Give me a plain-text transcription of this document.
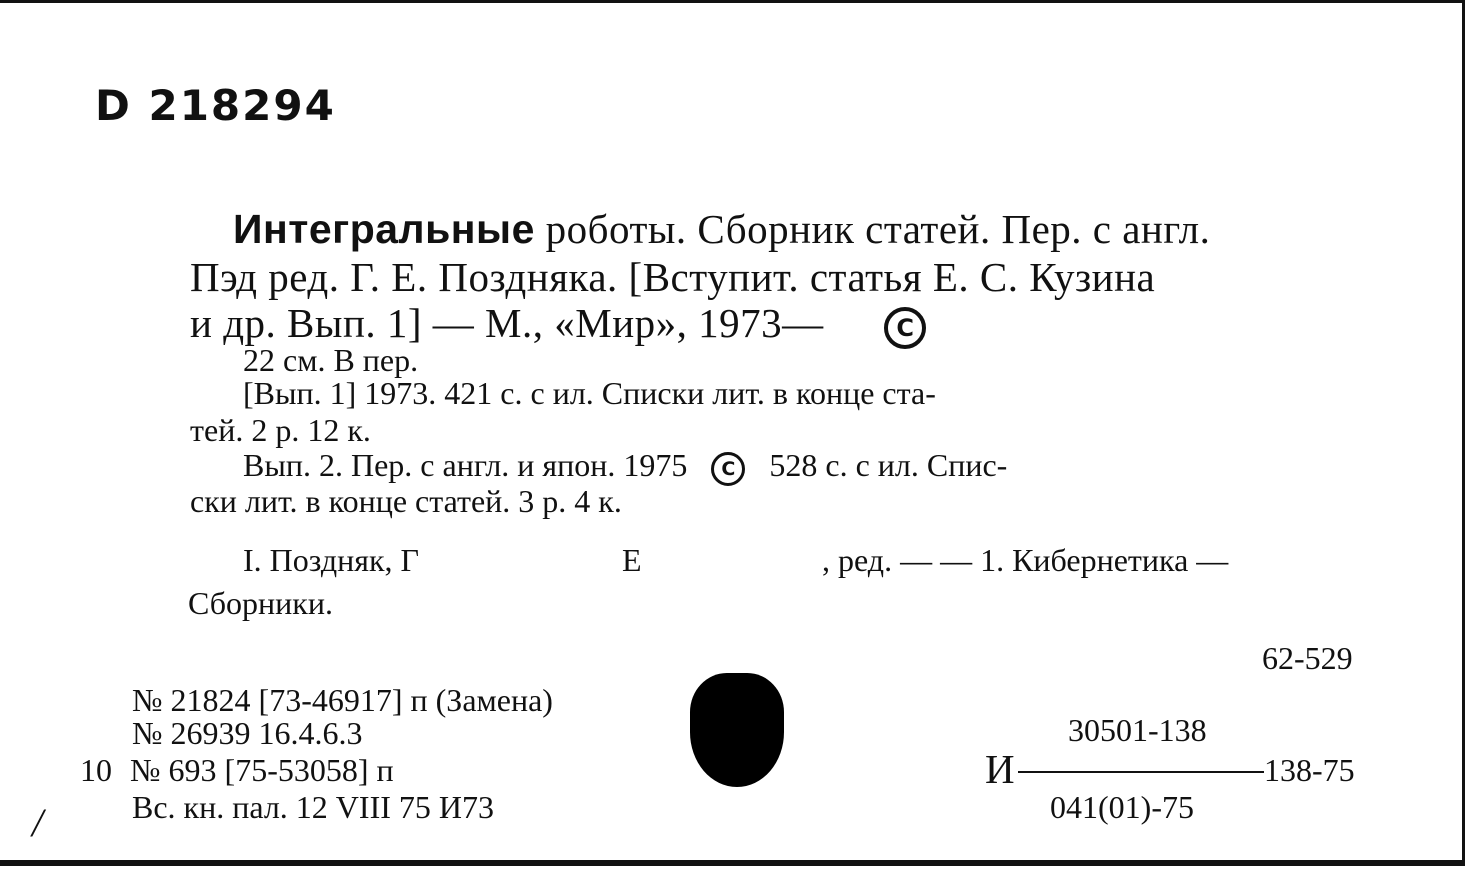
D 218294
Интегральные роботы. Сборник статей. Пер. с англ.
Пэд ред. Г. Е. Поздняка. [Вступит. статья Е. С. Кузина
и др. Вып. 1] — М., «Мир», 1973—	C
22 см. В пер.
[Вып. 1] 1973. 421 с. с ил. Списки лит. в конце ста-
тей. 2 р. 12 к.
Вып. 2. Пер. с англ. и япон. 1975 C 528 с. с ил. Спис-
ски лит. в конце статей. 3 р. 4 к.
I. Поздняк, Г	Е	, ред. — — 1. Кибернетика —
Сборники.
62-529
№ 21824 [73-46917] п (Замена)
№ 26939 16.4.6.3
10 № 693 [75-53058] п
Вс. кн. пал. 12 VIII 75 И73
30501-138
И	138-75
041(01)-75
/
